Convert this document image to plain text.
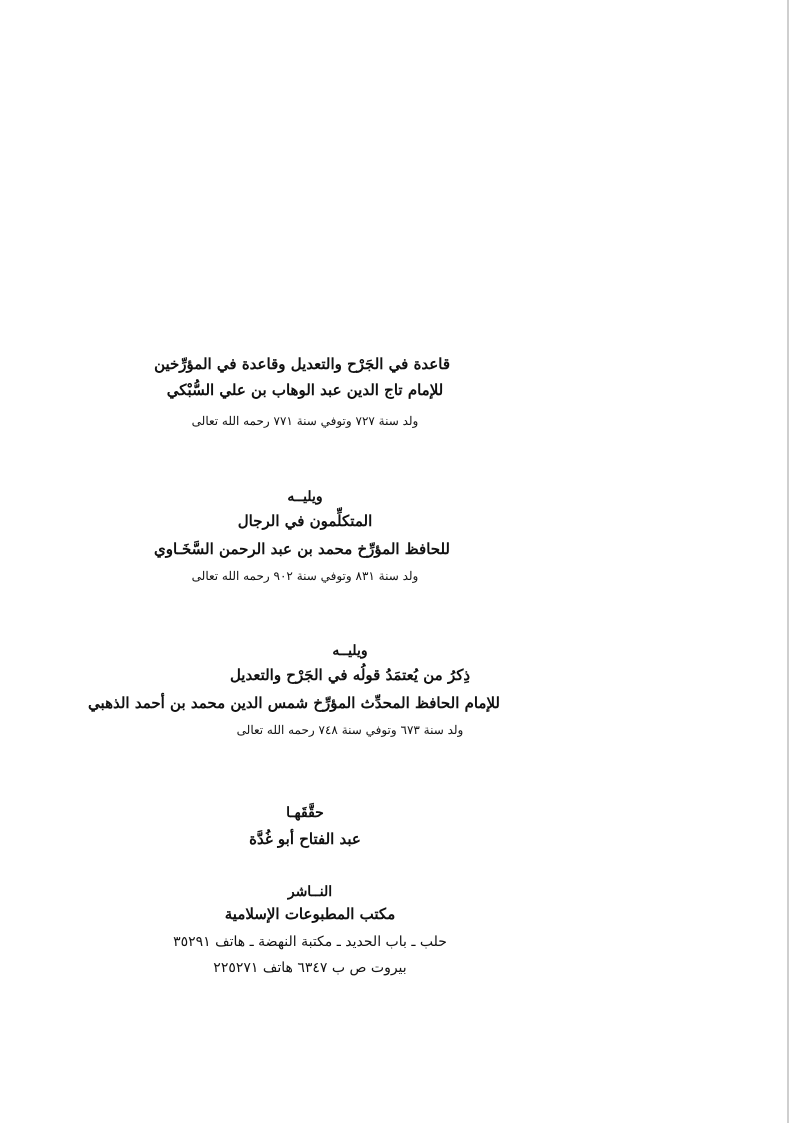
قاعدة في الجَرْح والتعديل وقاعدة في المؤرِّخين
للإمام تاج الدين عبد الوهاب بن علي السُّبْكي
ولد سنة ٧٢٧ وتوفي سنة ٧٧١ رحمه الله تعالى
ويليــه
المتكلِّمون في الرجال
للحافظ المؤرِّخ محمد بن عبد الرحمن السَّخَـاوي
ولد سنة ٨٣١ وتوفي سنة ٩٠٢ رحمه الله تعالى
ويليــه
ذِكرُ من يُعتمَدُ قولُه في الجَرْح والتعديل
للإمام الحافظ المحدِّث المؤرِّخ شمس الدين محمد بن أحمد الذهبي
ولد سنة ٦٧٣ وتوفي سنة ٧٤٨ رحمه الله تعالى
حقَّقَهـا
عبد الفتاح أبو غُدَّة
النــاشر
مكتب المطبوعات الإسلامية
حلب ـ باب الحديد ـ مكتبة النهضة ـ هاتف ٣٥٢٩١
بيروت ص ب ٦٣٤٧ هاتف ٢٢٥٢٧١
